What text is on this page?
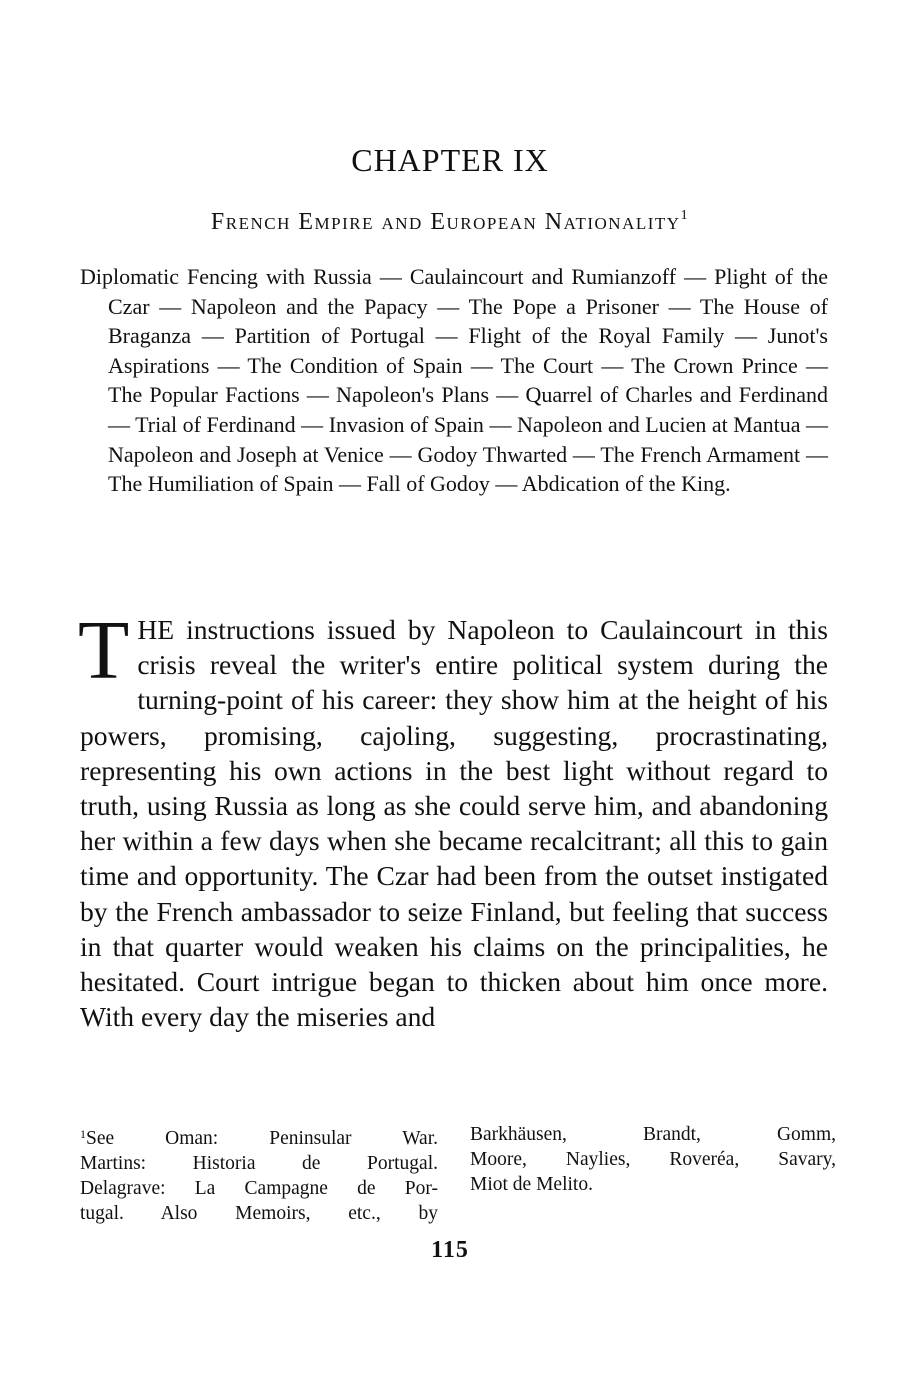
CHAPTER IX
French Empire and European Nationality$^1$
Diplomatic Fencing with Russia — Caulaincourt and Rumianzoff — Plight of the Czar — Napoleon and the Papacy — The Pope a Prisoner — The House of Braganza — Partition of Portugal — Flight of the Royal Family — Junot's Aspirations — The Condition of Spain — The Court — The Crown Prince — The Popular Factions — Napoleon's Plans — Quarrel of Charles and Ferdinand — Trial of Ferdinand — Invasion of Spain — Napoleon and Lucien at Mantua — Napoleon and Joseph at Venice — Godoy Thwarted — The French Armament — The Humiliation of Spain — Fall of Godoy — Abdication of the King.

THE instructions issued by Napoleon to Caulaincourt in this crisis reveal the writer's entire political system during the turning-point of his career: they show him at the height of his powers, promising, cajoling, suggesting, procrastinating, representing his own actions in the best light without regard to truth, using Russia as long as she could serve him, and abandoning her within a few days when she became recalcitrant; all this to gain time and opportunity. The Czar had been from the outset instigated by the French ambassador to seize Finland, but feeling that success in that quarter would weaken his claims on the principalities, he hesitated. Court intrigue began to thicken about him once more. With every day the miseries and

$^1$See Oman: Peninsular War.
Martins: Historia de Portugal.
Delagrave: La Campagne de Por-
tugal. Also Memoirs, etc., by
Barkhäusen, Brandt, Gomm,
Moore, Naylies, Roveréa, Savary,
Miot de Melito.
115
